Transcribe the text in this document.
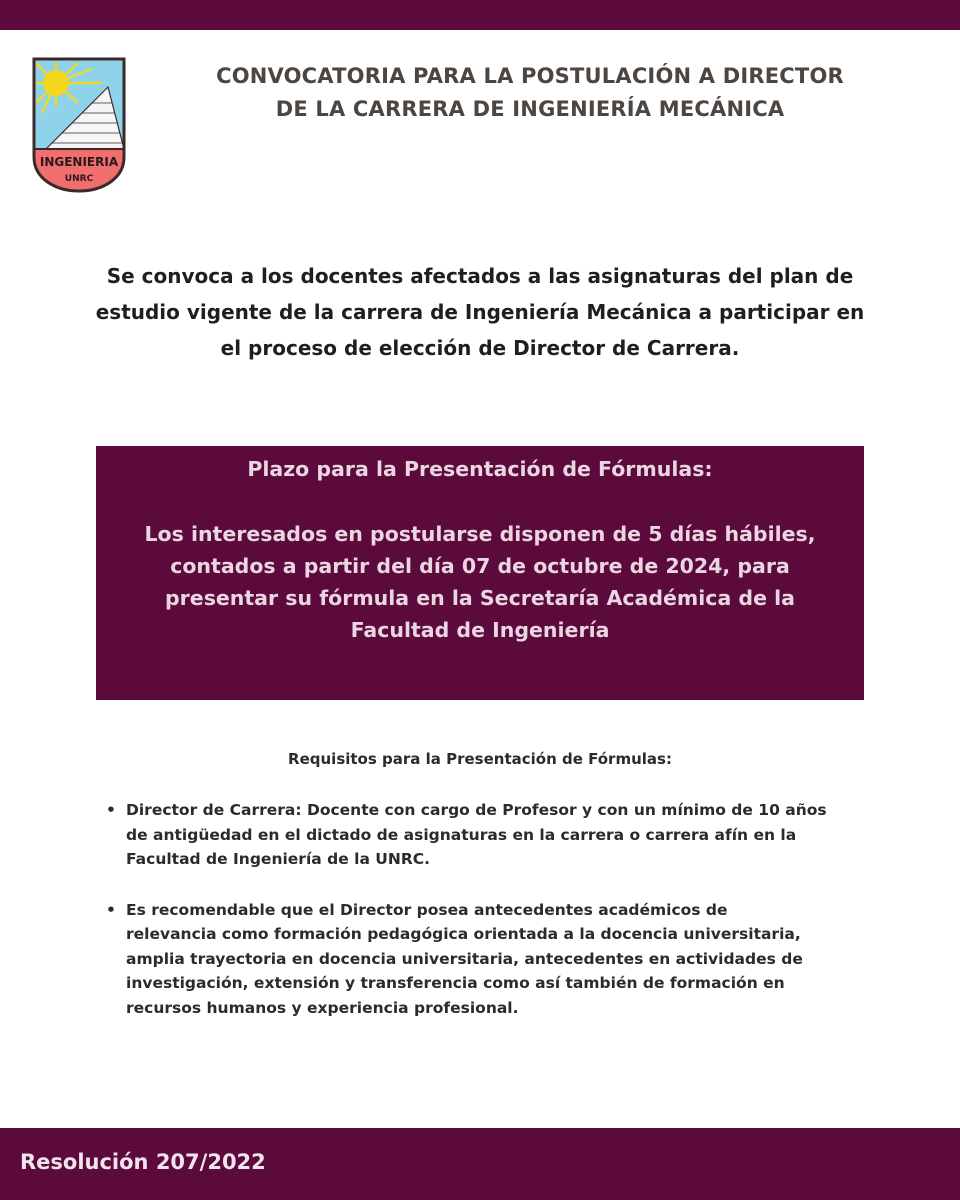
INGENIERIA
UNRC
CONVOCATORIA PARA LA POSTULACIÓN A DIRECTOR
DE LA CARRERA DE INGENIERÍA MECÁNICA
Se convoca a los docentes afectados a las asignaturas del plan de
estudio vigente de la carrera de Ingeniería Mecánica a participar en
el proceso de elección de Director de Carrera.
Plazo para la Presentación de Fórmulas:
Los interesados en postularse disponen de 5 días hábiles,
contados a partir del día 07 de octubre de 2024, para
presentar su fórmula en la Secretaría Académica de la
Facultad de Ingeniería
Requisitos para la Presentación de Fórmulas:
• Director de Carrera: Docente con cargo de Profesor y con un mínimo de 10 años
de antigüedad en el dictado de asignaturas en la carrera o carrera afín en la
Facultad de Ingeniería de la UNRC.
• Es recomendable que el Director posea antecedentes académicos de
relevancia como formación pedagógica orientada a la docencia universitaria,
amplia trayectoria en docencia universitaria, antecedentes en actividades de
investigación, extensión y transferencia como así también de formación en
recursos humanos y experiencia profesional.
Resolución 207/2022
